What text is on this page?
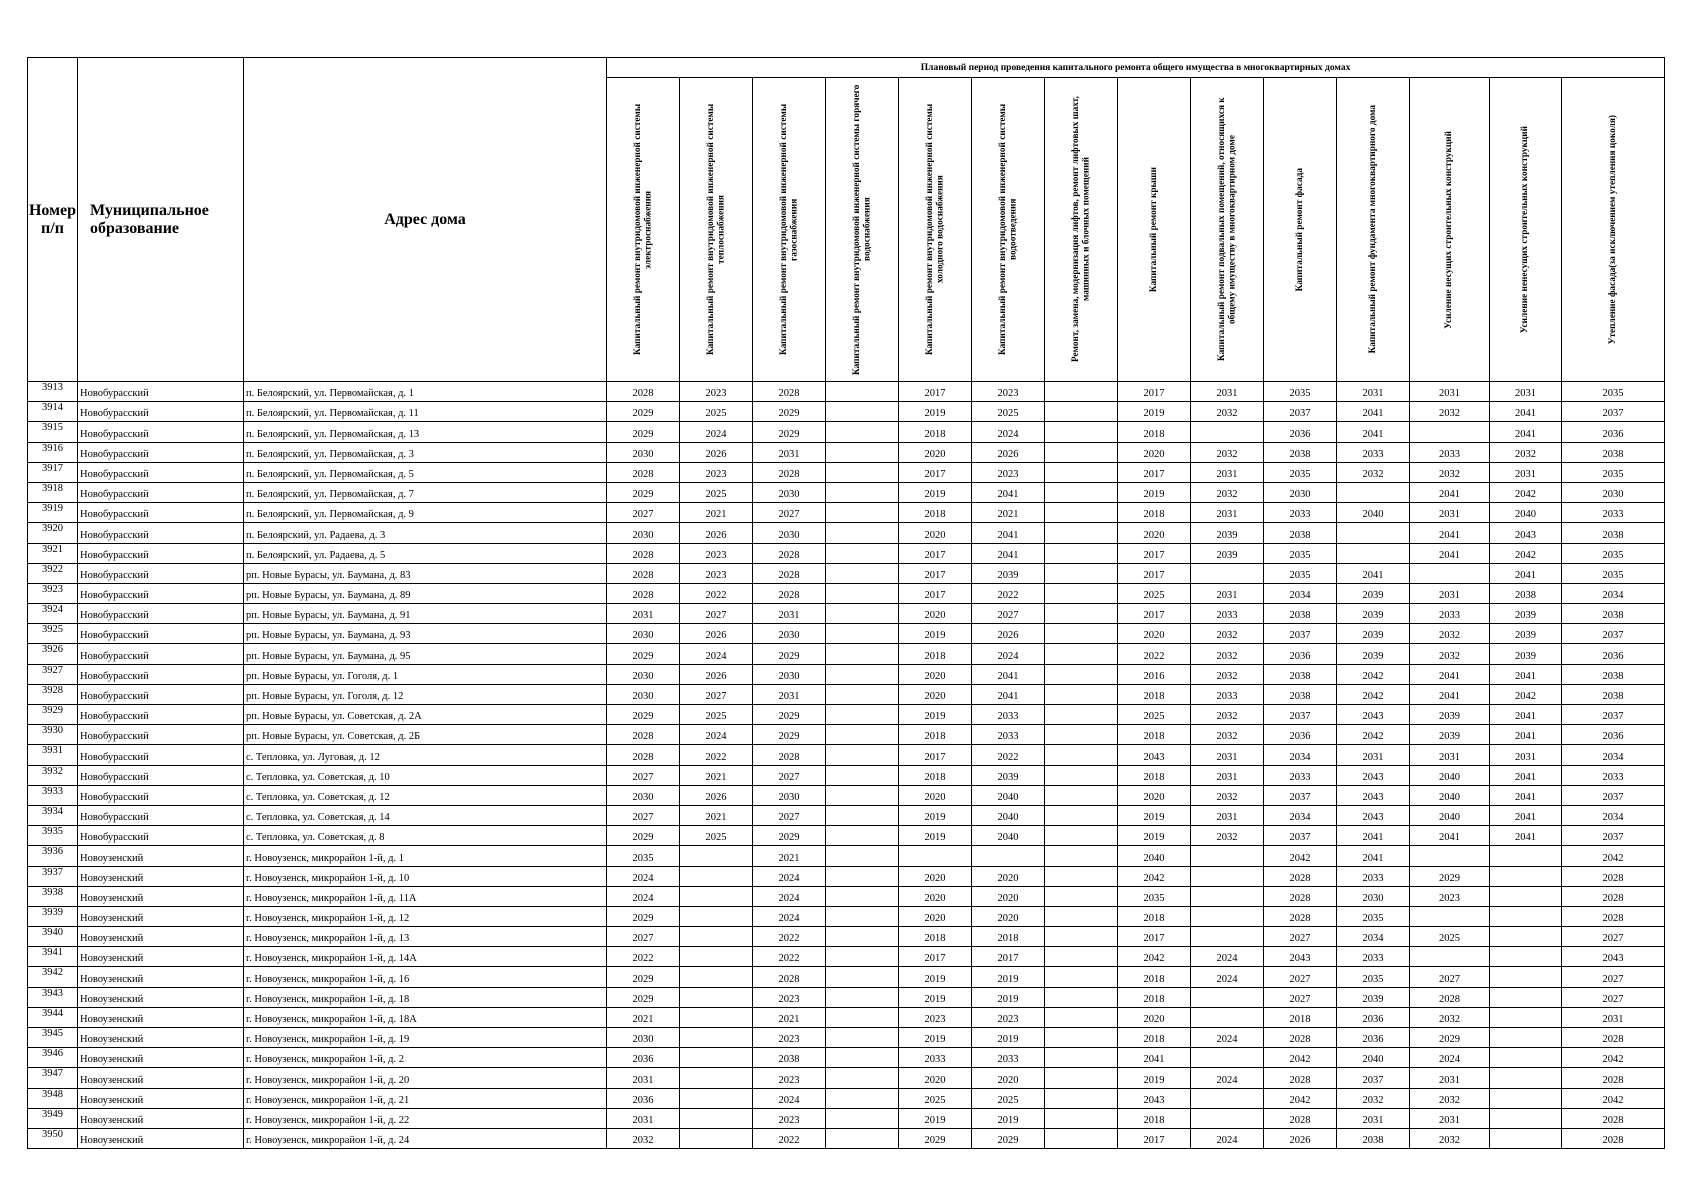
Номер п/п	Муниципальное образование	Адрес дома	Плановый период проведения капитального ремонта общего имущества в многоквартирных домах													

			Капитальный ремонт внутридомовой инженерной системы электроснабжения	Капитальный ремонт внутридомовой инженерной системы теплоснабжения	Капитальный ремонт внутридомовой инженерной системы газоснабжения	Капитальный ремонт внутридомовой инженерной системы горячего водоснабжения	Капитальный ремонт внутридомовой инженерной системы холодного водоснабжения	Капитальный ремонт внутридомовой инженерной системы водоотведения	Ремонт, замена, модернизация лифтов, ремонт лифтовых шахт, машинных и блочных помещений	Капитальный ремонт крыши	Капитальный ремонт подвальных помещений, относящихся к общему имуществу в многоквартирном доме	Капитальный ремонт фасада	Капитальный ремонт фундамента многоквартирного дома	Усиление несущих строительных конструкций	Усиление ненесущих строительных конструкций	Утепление фасада(за исключением утепления цоколя)

3913	Новобурасский	п. Белоярский, ул. Первомайская, д. 1	2028	2023	2028		2017	2023		2017	2031	2035	2031	2031	2031	2035
3914	Новобурасский	п. Белоярский, ул. Первомайская, д. 11	2029	2025	2029		2019	2025		2019	2032	2037	2041	2032	2041	2037
3915	Новобурасский	п. Белоярский, ул. Первомайская, д. 13	2029	2024	2029		2018	2024		2018		2036	2041		2041	2036
3916	Новобурасский	п. Белоярский, ул. Первомайская, д. 3	2030	2026	2031		2020	2026		2020	2032	2038	2033	2033	2032	2038
3917	Новобурасский	п. Белоярский, ул. Первомайская, д. 5	2028	2023	2028		2017	2023		2017	2031	2035	2032	2032	2031	2035
3918	Новобурасский	п. Белоярский, ул. Первомайская, д. 7	2029	2025	2030		2019	2041		2019	2032	2030		2041	2042	2030
3919	Новобурасский	п. Белоярский, ул. Первомайская, д. 9	2027	2021	2027		2018	2021		2018	2031	2033	2040	2031	2040	2033
3920	Новобурасский	п. Белоярский, ул. Радаева, д. 3	2030	2026	2030		2020	2041		2020	2039	2038		2041	2043	2038
3921	Новобурасский	п. Белоярский, ул. Радаева, д. 5	2028	2023	2028		2017	2041		2017	2039	2035		2041	2042	2035
3922	Новобурасский	рп. Новые Бурасы, ул. Баумана, д. 83	2028	2023	2028		2017	2039		2017		2035	2041		2041	2035
3923	Новобурасский	рп. Новые Бурасы, ул. Баумана, д. 89	2028	2022	2028		2017	2022		2025	2031	2034	2039	2031	2038	2034
3924	Новобурасский	рп. Новые Бурасы, ул. Баумана, д. 91	2031	2027	2031		2020	2027		2017	2033	2038	2039	2033	2039	2038
3925	Новобурасский	рп. Новые Бурасы, ул. Баумана, д. 93	2030	2026	2030		2019	2026		2020	2032	2037	2039	2032	2039	2037
3926	Новобурасский	рп. Новые Бурасы, ул. Баумана, д. 95	2029	2024	2029		2018	2024		2022	2032	2036	2039	2032	2039	2036
3927	Новобурасский	рп. Новые Бурасы, ул. Гоголя, д. 1	2030	2026	2030		2020	2041		2016	2032	2038	2042	2041	2041	2038
3928	Новобурасский	рп. Новые Бурасы, ул. Гоголя, д. 12	2030	2027	2031		2020	2041		2018	2033	2038	2042	2041	2042	2038
3929	Новобурасский	рп. Новые Бурасы, ул. Советская, д. 2А	2029	2025	2029		2019	2033		2025	2032	2037	2043	2039	2041	2037
3930	Новобурасский	рп. Новые Бурасы, ул. Советская, д. 2Б	2028	2024	2029		2018	2033		2018	2032	2036	2042	2039	2041	2036
3931	Новобурасский	с. Тепловка, ул. Луговая, д. 12	2028	2022	2028		2017	2022		2043	2031	2034	2031	2031	2031	2034
3932	Новобурасский	с. Тепловка, ул. Советская, д. 10	2027	2021	2027		2018	2039		2018	2031	2033	2043	2040	2041	2033
3933	Новобурасский	с. Тепловка, ул. Советская, д. 12	2030	2026	2030		2020	2040		2020	2032	2037	2043	2040	2041	2037
3934	Новобурасский	с. Тепловка, ул. Советская, д. 14	2027	2021	2027		2019	2040		2019	2031	2034	2043	2040	2041	2034
3935	Новобурасский	с. Тепловка, ул. Советская, д. 8	2029	2025	2029		2019	2040		2019	2032	2037	2041	2041	2041	2037
3936	Новоузенский	г. Новоузенск, микрорайон 1-й, д. 1	2035		2021					2040		2042	2041			2042
3937	Новоузенский	г. Новоузенск, микрорайон 1-й, д. 10	2024		2024		2020	2020		2042		2028	2033	2029		2028
3938	Новоузенский	г. Новоузенск, микрорайон 1-й, д. 11А	2024		2024		2020	2020		2035		2028	2030	2023		2028
3939	Новоузенский	г. Новоузенск, микрорайон 1-й, д. 12	2029		2024		2020	2020		2018		2028	2035			2028
3940	Новоузенский	г. Новоузенск, микрорайон 1-й, д. 13	2027		2022		2018	2018		2017		2027	2034	2025		2027
3941	Новоузенский	г. Новоузенск, микрорайон 1-й, д. 14А	2022		2022		2017	2017		2042	2024	2043	2033			2043
3942	Новоузенский	г. Новоузенск, микрорайон 1-й, д. 16	2029		2028		2019	2019		2018	2024	2027	2035	2027		2027
3943	Новоузенский	г. Новоузенск, микрорайон 1-й, д. 18	2029		2023		2019	2019		2018		2027	2039	2028		2027
3944	Новоузенский	г. Новоузенск, микрорайон 1-й, д. 18А	2021		2021		2023	2023		2020		2018	2036	2032		2031
3945	Новоузенский	г. Новоузенск, микрорайон 1-й, д. 19	2030		2023		2019	2019		2018	2024	2028	2036	2029		2028
3946	Новоузенский	г. Новоузенск, микрорайон 1-й, д. 2	2036		2038		2033	2033		2041		2042	2040	2024		2042
3947	Новоузенский	г. Новоузенск, микрорайон 1-й, д. 20	2031		2023		2020	2020		2019	2024	2028	2037	2031		2028
3948	Новоузенский	г. Новоузенск, микрорайон 1-й, д. 21	2036		2024		2025	2025		2043		2042	2032	2032		2042
3949	Новоузенский	г. Новоузенск, микрорайон 1-й, д. 22	2031		2023		2019	2019		2018		2028	2031	2031		2028
3950	Новоузенский	г. Новоузенск, микрорайон 1-й, д. 24	2032		2022		2029	2029		2017	2024	2026	2038	2032		2028
